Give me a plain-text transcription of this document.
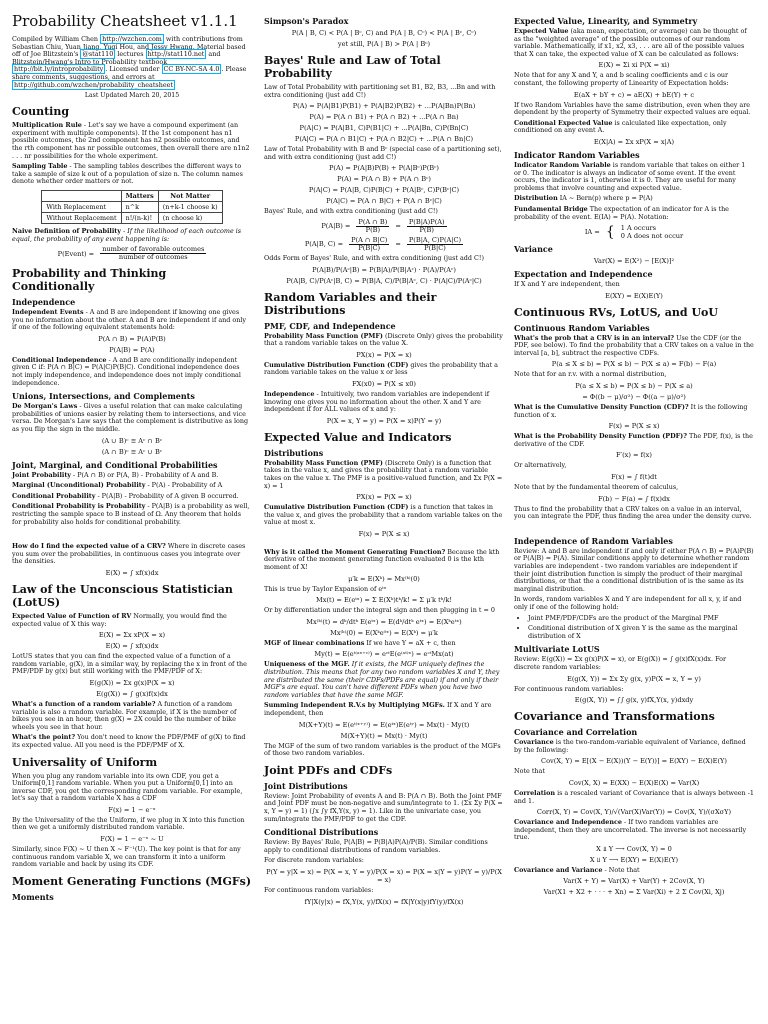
Probability Cheatsheet v1.1.1

Compiled by William Chen http://wzchen.com with contributions from Sebastian Chiu, Yuan Jiang, Yuqi Hou, and Jessy Hwang. Material based off of Joe Blitzstein's @stat110 lectures http://stat110.net and Blitzstein/Hwang's Intro to Probability textbook http://bit.ly/introprobability . Licensed under CC BY-NC-SA 4.0 . Please share comments, suggestions, and errors at http://github.com/wzchen/probability_cheatsheet

Last Updated March 20, 2015

Counting

Multiplication Rule - Let's say we have a compound experiment (an experiment with multiple components). If the 1st component has n1 possible outcomes, the 2nd component has n2 possible outcomes, and the rth component has nr possible outcomes, then overall there are n1n2 . . . nr possibilities for the whole experiment.

Sampling Table - The sampling tables describes the different ways to take a sample of size k out of a population of size n. The column names denote whether order matters or not.

	Matters	Not Matter
With Replacement	n^k	(n+k-1 choose k)
Without Replacement	n!/(n-k)!	(n choose k)

Naive Definition of Probability - If the likelihood of each outcome is equal, the probability of any event happening is:

P(Event) = $\frac{\text{number of favorable outcomes}}{\text{number of outcomes}}$
Probability and Thinking Conditionally
Independence

Independent Events - A and B are independent if knowing one gives you no information about the other. A and B are independent if and only if one of the following equivalent statements hold:

P(A ∩ B) = P(A)P(B)
P(A|B) = P(A)

Conditional Independence - A and B are conditionally independent given C if: P(A ∩ B|C) = P(A|C)P(B|C). Conditional independence does not imply independence, and independence does not imply conditional independence.

Unions, Intersections, and Complements

De Morgan's Laws - Gives a useful relation that can make calculating probabilities of unions easier by relating them to intersections, and vice versa. De Morgan's Law says that the complement is distributive as long as you flip the sign in the middle.

(A ∪ B)ᶜ ≡ Aᶜ ∩ Bᶜ
(A ∩ B)ᶜ ≡ Aᶜ ∪ Bᶜ
Joint, Marginal, and Conditional Probabilities

Joint Probability - P(A ∩ B) or P(A, B) - Probability of A and B.

Marginal (Unconditional) Probability - P(A) - Probability of A

Conditional Probability - P(A|B) - Probability of A given B occurred.

Conditional Probability is Probability - P(A|B) is a probability as well, restricting the sample space to B instead of Ω. Any theorem that holds for probability also holds for conditional probability.

How do I find the expected value of a CRV? Where in discrete cases you sum over the probabilities, in continuous cases you integrate over the densities.

E(X) = ∫ xf(x)dx
Law of the Unconscious Statistician (LotUS)

Expected Value of Function of RV Normally, you would find the expected value of X this way:

E(X) = Σx xP(X = x)
E(X) = ∫ xf(x)dx

LotUS states that you can find the expected value of a function of a random variable, g(X), in a similar way, by replacing the x in front of the PMF/PDF by g(x) but still working with the PMF/PDF of X:

E(g(X)) = Σx g(x)P(X = x)
E(g(X)) = ∫ g(x)f(x)dx

What's a function of a random variable? A function of a random variable is also a random variable. For example, if X is the number of bikes you see in an hour, then g(X) = 2X could be the number of bike wheels you see in that hour.

What's the point? You don't need to know the PDF/PMF of g(X) to find its expected value. All you need is the PDF/PMF of X.

Universality of Uniform

When you plug any random variable into its own CDF, you get a Uniform[0,1] random variable. When you put a Uniform[0,1] into an inverse CDF, you get the corresponding random variable. For example, let's say that a random variable X has a CDF

F(x) = 1 − e⁻ˣ

By the Universality of the the Uniform, if we plug in X into this function then we get a uniformly distributed random variable.

F(X) = 1 − e⁻ˣ ~ U

Similarly, since F(X) ~ U then X ~ F⁻¹(U). The key point is that for any continuous random variable X, we can transform it into a uniform random variable and back by using its CDF.

Moment Generating Functions (MGFs)
Moments
Simpson's Paradox
P(A | B, C) < P(A | Bᶜ, C) and P(A | B, Cᶜ) < P(A | Bᶜ, Cᶜ)
yet still, P(A | B) > P(A | Bᶜ)
Bayes' Rule and Law of Total Probability

Law of Total Probability with partitioning set B1, B2, B3, ...Bn and with extra conditioning (just add C!)

P(A) = P(A|B1)P(B1) + P(A|B2)P(B2) + ...P(A|Bn)P(Bn)
P(A) = P(A ∩ B1) + P(A ∩ B2) + ...P(A ∩ Bn)
P(A|C) = P(A|B1, C)P(B1|C) + ...P(A|Bn, C)P(Bn|C)
P(A|C) = P(A ∩ B1|C) + P(A ∩ B2|C) + ...P(A ∩ Bn|C)

Law of Total Probability with B and Bᶜ (special case of a partitioning set), and with extra conditioning (just add C!)

P(A) = P(A|B)P(B) + P(A|Bᶜ)P(Bᶜ)
P(A) = P(A ∩ B) + P(A ∩ Bᶜ)
P(A|C) = P(A|B, C)P(B|C) + P(A|Bᶜ, C)P(Bᶜ|C)
P(A|C) = P(A ∩ B|C) + P(A ∩ Bᶜ|C)

Bayes' Rule, and with extra conditioning (just add C!)

$P(A|B) = \frac{P(A \cap B)}{P(B)} = \frac{P(B|A)P(A)}{P(B)}$
P(A|B, $C) = \frac{P(A \cap B|C)}{P(B|C)} = \frac{P(B|A, C)P(A|C)}{P(B|C)}$

Odds Form of Bayes' Rule, and with extra conditioning (just add C!)

P(A|B)/P(Aᶜ|B) = P(B|A)/P(B|Aᶜ) · P(A)/P(Aᶜ)
P(A|B, C)/P(Aᶜ|B, C) = P(B|A, C)/P(B|Aᶜ, C) · P(A|C)/P(Aᶜ|C)
Random Variables and their Distributions
PMF, CDF, and Independence

Probability Mass Function (PMF) (Discrete Only) gives the probability that a random variable takes on the value X.

PX(x) = P(X = x)

Cumulative Distribution Function (CDF) gives the probability that a random variable takes on the value x or less

FX(x0) = P(X ≤ x0)

Independence - Intuitively, two random variables are independent if knowing one gives you no information about the other. X and Y are independent if for ALL values of x and y:

P(X = x, Y = y) = P(X = x)P(Y = y)
Expected Value and Indicators
Distributions

Probability Mass Function (PMF) (Discrete Only) is a function that takes in the value x, and gives the probability that a random variable takes on the value x. The PMF is a positive-valued function, and Σx P(X = x) = 1

PX(x) = P(X = x)

Cumulative Distribution Function (CDF) is a function that takes in the value x, and gives the probability that a random variable takes on the value at most x.

F(x) = P(X ≤ x)

Why is it called the Moment Generating Function? Because the kth derivative of the moment generating function evaluated 0 is the kth moment of X!

μ′k = E(Xᵏ) = Mx⁽ᵏ⁾(0)

This is true by Taylor Expansion of eᵗˣ

Mx(t) = E(eᵗˣ) = Σ E(Xᵏ)tᵏ/k! = Σ μ′k tᵏ/k!

Or by differentiation under the integral sign and then plugging in t = 0

Mx⁽ᵏ⁾(t) = dᵏ/dtᵏ E(eᵗˣ) = E(dᵏ/dtᵏ eᵗˣ) = E(Xᵏeᵗˣ)
Mx⁽ᵏ⁾(0) = E(Xᵏe⁰ˣ) = E(Xᵏ) = μ′k

MGF of linear combinations If we have Y = aX + c, then

My(t) = E(eᵗ⁽ᵃˣ⁺ᶜ⁾) = eᶜᵗE(e⁽ᵃᵗ⁾ˣ) = eᶜᵗMx(at)

Uniqueness of the MGF. If it exists, the MGF uniquely defines the distribution. This means that for any two random variables X and Y, they are distributed the same (their CDFs/PDFs are equal) if and only if their MGF's are equal. You can't have different PDFs when you have two random variables that have the same MGF.

Summing Independent R.V.s by Multiplying MGFs. If X and Y are independent, then

M(X+Y)(t) = E(eᵗ⁽ˣ⁺ʸ⁾) = E(eᵗˣ)E(eᵗʸ) = Mx(t) · My(t)
M(X+Y)(t) = Mx(t) · My(t)

The MGF of the sum of two random variables is the product of the MGFs of those two random variables.

Joint PDFs and CDFs
Joint Distributions

Review: Joint Probability of events A and B: P(A ∩ B). Both the Joint PMF and Joint PDF must be non-negative and sum/integrate to 1. (Σx Σy P(X = x, Y = y) = 1) (∫x ∫y fX,Y(x, y) = 1). Like in the univariate case, you sum/integrate the PMF/PDF to get the CDF.

Conditional Distributions

Review: By Bayes' Rule, P(A|B) = P(B|A)P(A)/P(B). Similar conditions apply to conditional distributions of random variables.

For discrete random variables:

P(Y = y|X = x) = P(X = x, Y = y)/P(X = x) = P(X = x|Y = y)P(Y = y)/P(X = x)

For continuous random variables:

fY|X(y|x) = fX,Y(x, y)/fX(x) = fX|Y(x|y)fY(y)/fX(x)
Expected Value, Linearity, and Symmetry

Expected Value (aka mean, expectation, or average) can be thought of as the "weighted average" of the possible outcomes of our random variable. Mathematically, if x1, x2, x3, . . . are all of the possible values that X can take, the expected value of X can be calculated as follows:

E(X) = Σi xi P(X = xi)

Note that for any X and Y, a and b scaling coefficients and c is our constant, the following property of Linearity of Expectation holds:

E(aX + bY + c) = aE(X) + bE(Y) + c

If two Random Variables have the same distribution, even when they are dependent by the property of Symmetry their expected values are equal.

Conditional Expected Value is calculated like expectation, only conditioned on any event A.

E(X|A) = Σx xP(X = x|A)
Indicator Random Variables

Indicator Random Variable is random variable that takes on either 1 or 0. The indicator is always an indicator of some event. If the event occurs, the indicator is 1, otherwise it is 0. They are useful for many problems that involve counting and expected value.

Distribution IA ~ Bern(p) where p = P(A)

Fundamental Bridge The expectation of an indicator for A is the probability of the event. E(IA) = P(A). Notation:

IA = { 1 A occurs
0 A does not occur
Variance
Var(X) = E(X²) − [E(X)]²
Expectation and Independence

If X and Y are independent, then

E(XY) = E(X)E(Y)
Continuous RVs, LotUS, and UoU
Continuous Random Variables

What's the prob that a CRV is in an interval? Use the CDF (or the PDF, see below). To find the probability that a CRV takes on a value in the interval [a, b], subtract the respective CDFs.

P(a ≤ X ≤ b) = P(X ≤ b) − P(X ≤ a) = F(b) − F(a)

Note that for an r.v. with a normal distribution,

P(a ≤ X ≤ b) = P(X ≤ b) − P(X ≤ a)
= Φ((b − μ)/σ²) − Φ((a − μ)/σ²)

What is the Cumulative Density Function (CDF)? It is the following function of x.

F(x) = P(X ≤ x)

What is the Probability Density Function (PDF)? The PDF, f(x), is the derivative of the CDF.

F′(x) = f(x)

Or alternatively,

F(x) = ∫ f(t)dt

Note that by the fundamental theorem of calculus,

F(b) − F(a) = ∫ f(x)dx

Thus to find the probability that a CRV takes on a value in an interval, you can integrate the PDF, thus finding the area under the density curve.

Independence of Random Variables

Review: A and B are independent if and only if either P(A ∩ B) = P(A)P(B) or P(A|B) = P(A). Similar conditions apply to determine whether random variables are independent - two random variables are independent if their joint distribution function is simply the product of their marginal distributions, or that the a conditional distribution of is the same as its marginal distribution.

In words, random variables X and Y are independent for all x, y, if and only if one of the following hold:

• Joint PMF/PDF/CDFs are the product of the Marginal PMF
• Conditional distribution of X given Y is the same as the marginal distribution of X
Multivariate LotUS

Review: E(g(X)) = Σx g(x)P(X = x), or E(g(X)) = ∫ g(x)fX(x)dx. For discrete random variables:

E(g(X, Y)) = Σx Σy g(x, y)P(X = x, Y = y)

For continuous random variables:

E(g(X, Y)) = ∫∫ g(x, y)fX,Y(x, y)dxdy
Covariance and Transformations
Covariance and Correlation

Covariance is the two-random-variable equivalent of Variance, defined by the following:

Cov(X, Y) = E[(X − E(X))(Y − E(Y))] = E(XY) − E(X)E(Y)

Note that

Cov(X, X) = E(XX) − E(X)E(X) = Var(X)

Correlation is a rescaled variant of Covariance that is always between -1 and 1.

Corr(X, Y) = Cov(X, Y)/√(Var(X)Var(Y)) = Cov(X, Y)/(σXσY)

Covariance and Independence - If two random variables are independent, then they are uncorrelated. The inverse is not necessarily true.

X ⫫ Y ⟶ Cov(X, Y) = 0
X ⫫ Y ⟶ E(XY) = E(X)E(Y)

Covariance and Variance - Note that

Var(X + Y) = Var(X) + Var(Y) + 2Cov(X, Y)
Var(X1 + X2 + · · · + Xn) = Σ Var(Xi) + 2 Σ Cov(Xi, Xj)
